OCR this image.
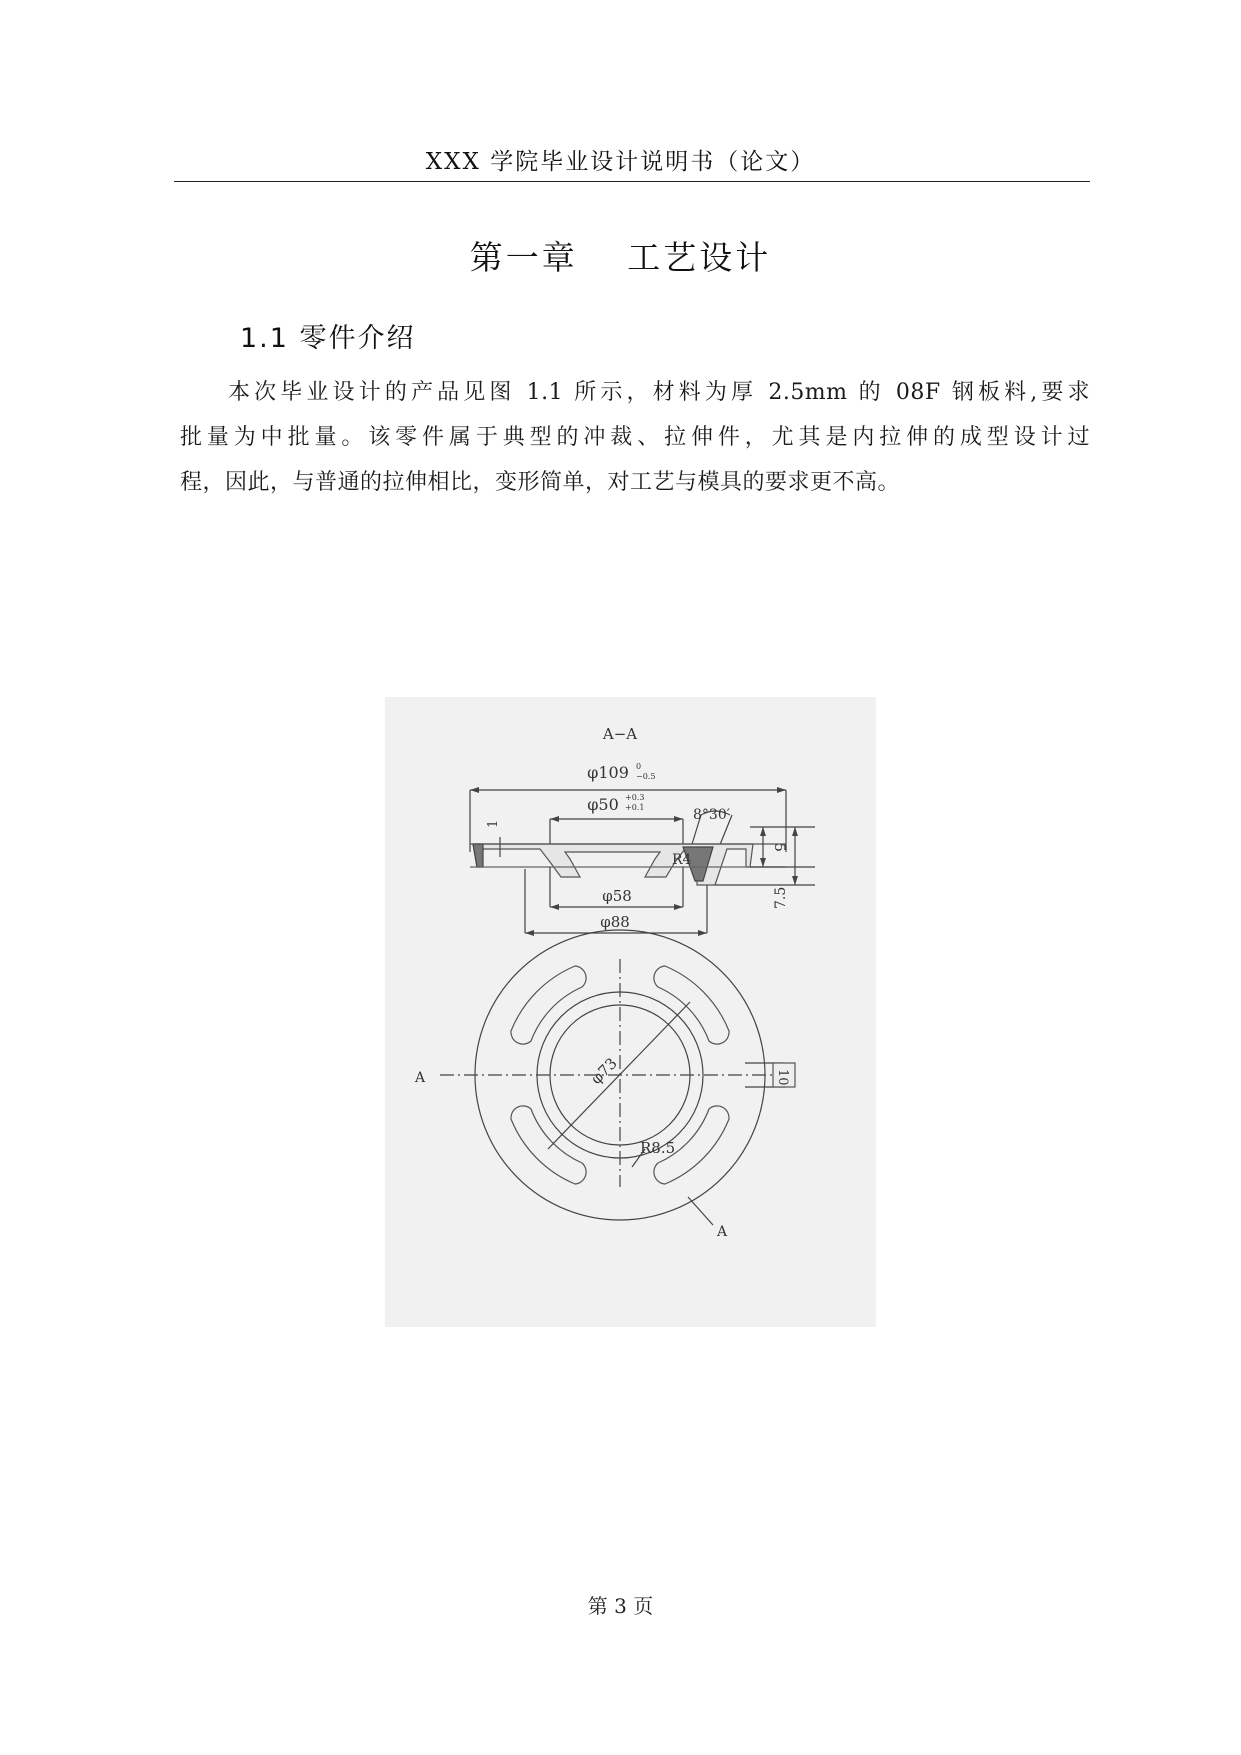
XXX 学院毕业设计说明书（论文）
第一章　 工艺设计
1.1 零件介绍
本次毕业设计的产品见图 1.1 所示，材料为厚 2.5mm 的 08F 钢板料,要求
批量为中批量。该零件属于典型的冲裁、拉伸件，尤其是内拉伸的成型设计过
程，因此，与普通的拉伸相比，变形简单，对工艺与模具的要求更不高。
A−A
φ109 0
−0.5
φ50 +0.3
+0.1	8°30′
1
R4
5
7.5
φ58
φ88
φ73	10
R8.5
A
A
第 3 页
